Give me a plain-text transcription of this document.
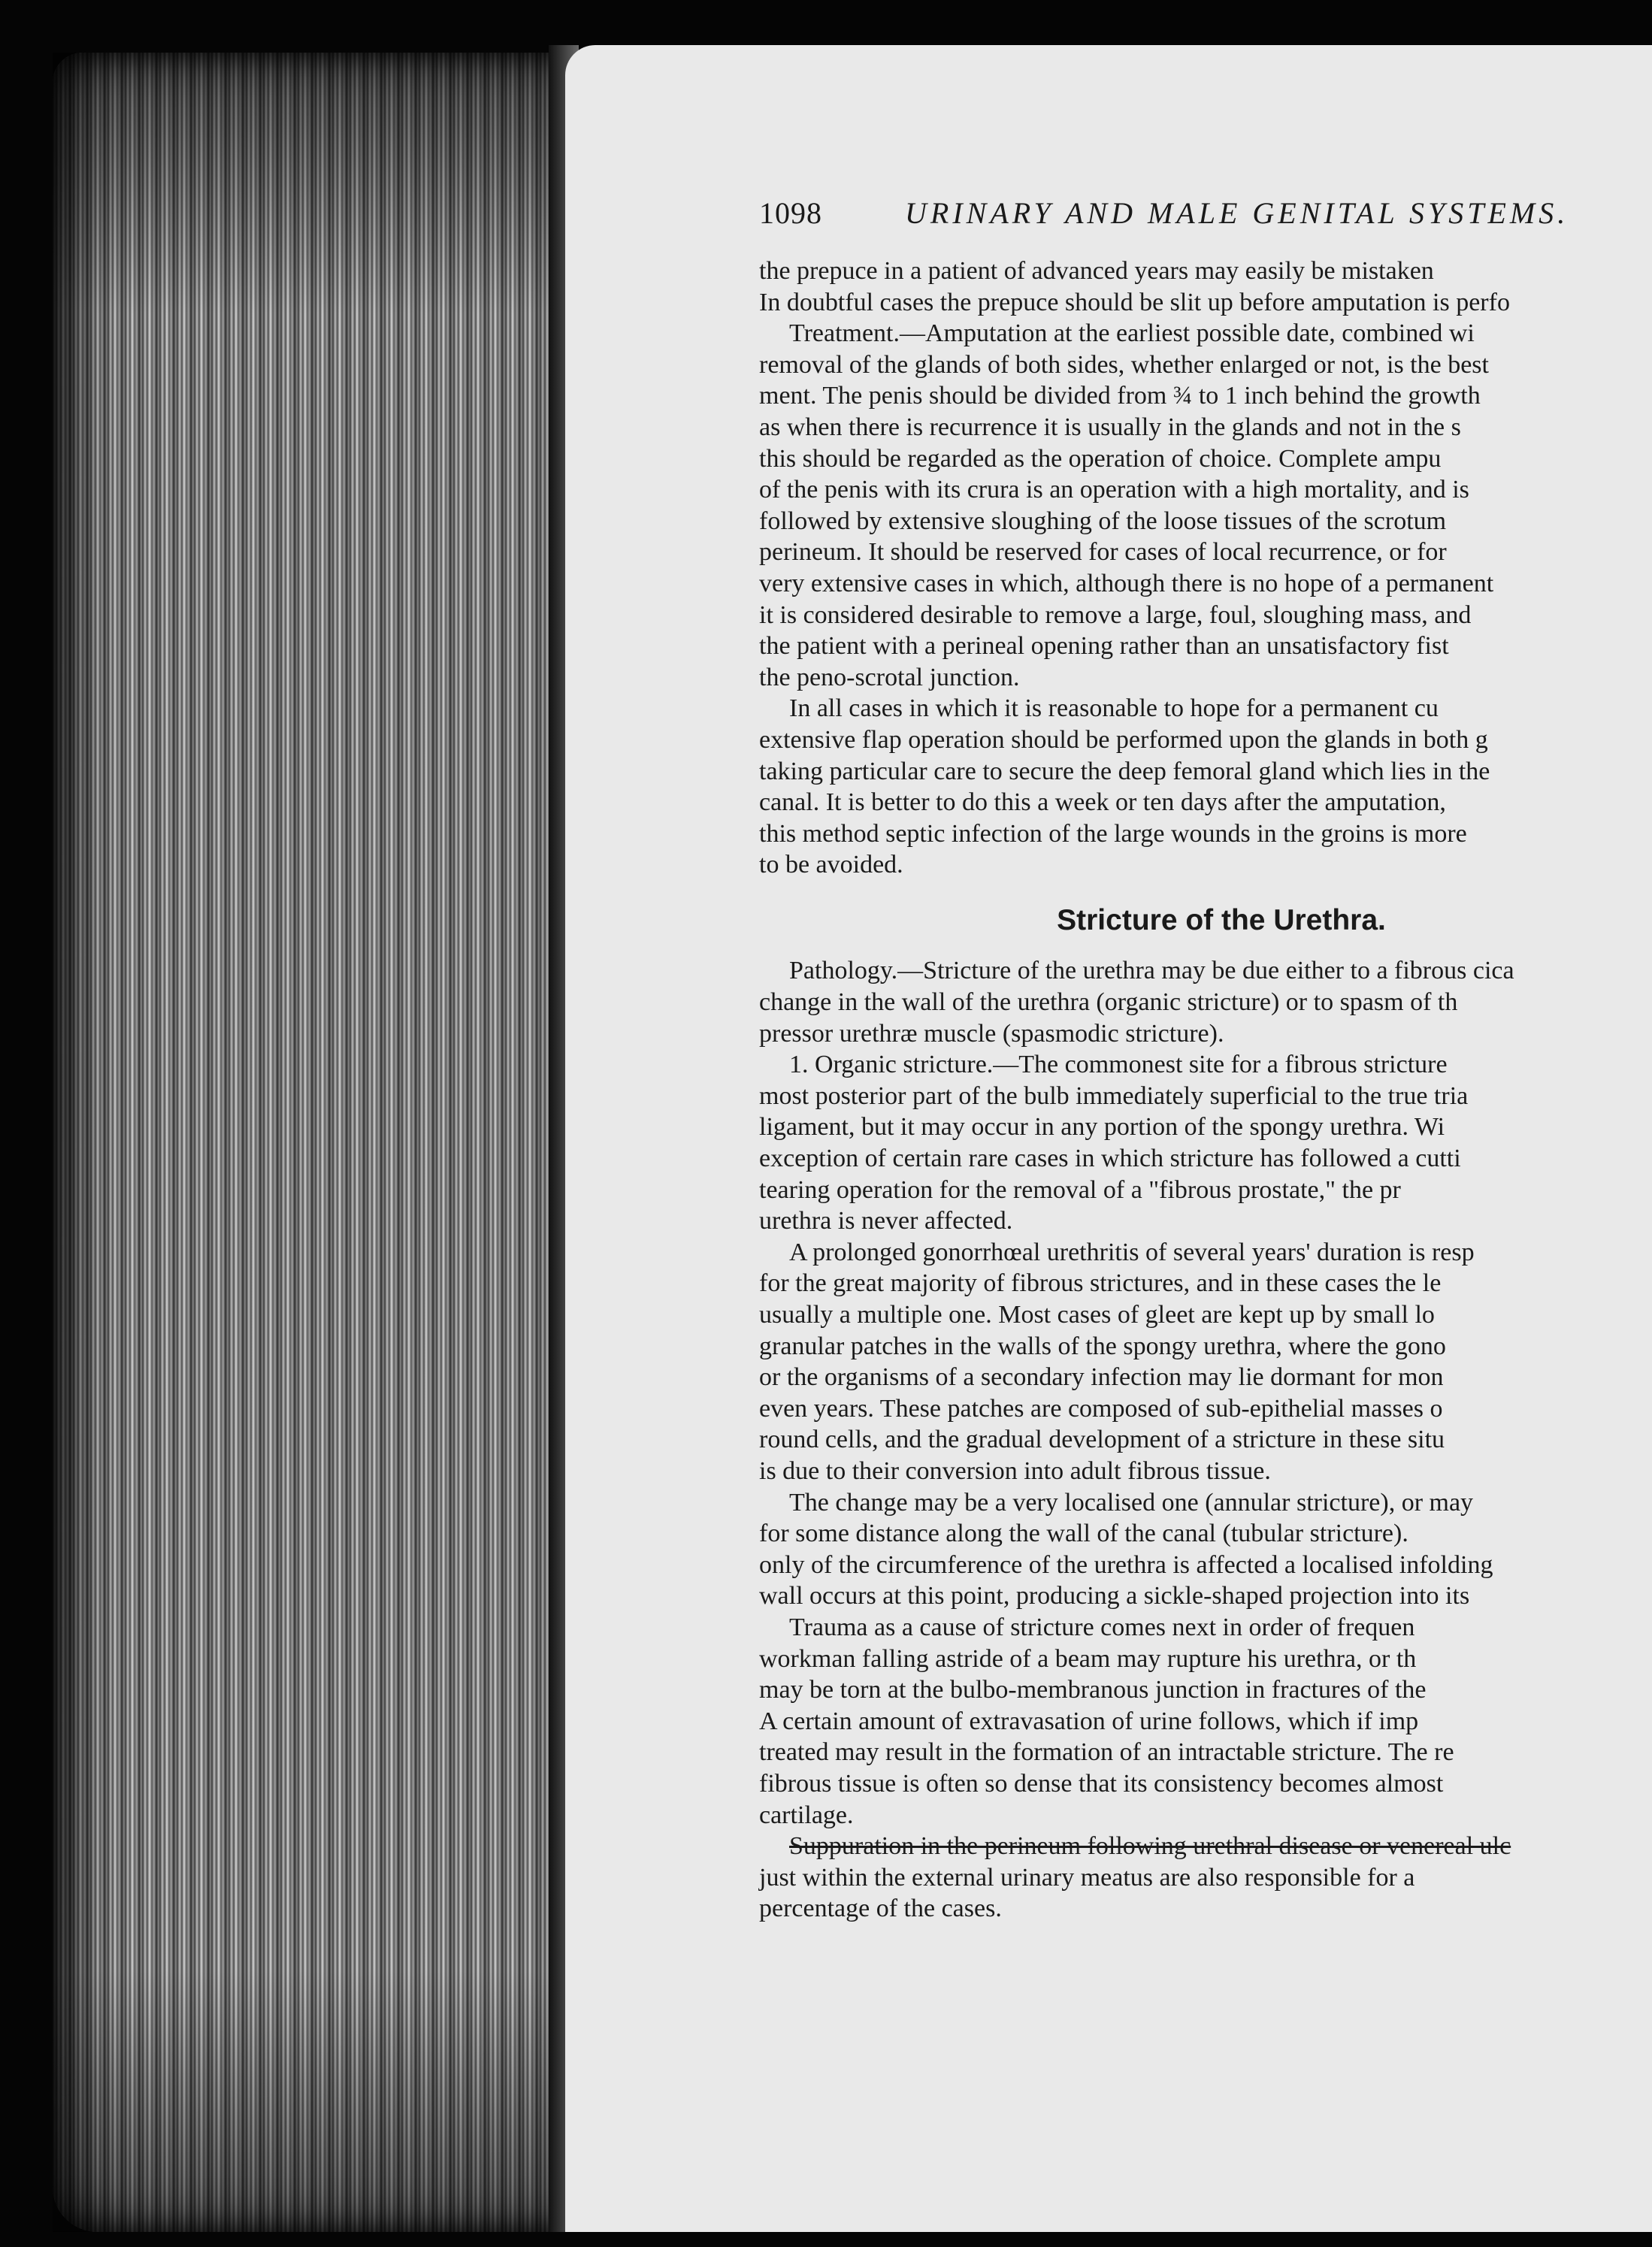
1098	URINARY AND MALE GENITAL SYSTEMS.

the prepuce in a patient of advanced years may easily be mistaken

In doubtful cases the prepuce should be slit up before amputation is perfo

Treatment.—Amputation at the earliest possible date, combined wi

removal of the glands of both sides, whether enlarged or not, is the best

ment. The penis should be divided from ¾ to 1 inch behind the growth

as when there is recurrence it is usually in the glands and not in the s

this should be regarded as the operation of choice. Complete ampu

of the penis with its crura is an operation with a high mortality, and is

followed by extensive sloughing of the loose tissues of the scrotum

perineum. It should be reserved for cases of local recurrence, or for

very extensive cases in which, although there is no hope of a permanent

it is considered desirable to remove a large, foul, sloughing mass, and

the patient with a perineal opening rather than an unsatisfactory fist

the peno-scrotal junction.

In all cases in which it is reasonable to hope for a permanent cu

extensive flap operation should be performed upon the glands in both g

taking particular care to secure the deep femoral gland which lies in the

canal. It is better to do this a week or ten days after the amputation,

this method septic infection of the large wounds in the groins is more

to be avoided.

Stricture of the Urethra.

Pathology.—Stricture of the urethra may be due either to a fibrous cica

change in the wall of the urethra (organic stricture) or to spasm of th

pressor urethræ muscle (spasmodic stricture).

1. Organic stricture.—The commonest site for a fibrous stricture

most posterior part of the bulb immediately superficial to the true tria

ligament, but it may occur in any portion of the spongy urethra. Wi

exception of certain rare cases in which stricture has followed a cutti

tearing operation for the removal of a "fibrous prostate," the pr

urethra is never affected.

A prolonged gonorrhœal urethritis of several years' duration is resp

for the great majority of fibrous strictures, and in these cases the le

usually a multiple one. Most cases of gleet are kept up by small lo

granular patches in the walls of the spongy urethra, where the gono

or the organisms of a secondary infection may lie dormant for mon

even years. These patches are composed of sub-epithelial masses o

round cells, and the gradual development of a stricture in these situ

is due to their conversion into adult fibrous tissue.

The change may be a very localised one (annular stricture), or may

for some distance along the wall of the canal (tubular stricture).

only of the circumference of the urethra is affected a localised infolding

wall occurs at this point, producing a sickle-shaped projection into its

Trauma as a cause of stricture comes next in order of frequen

workman falling astride of a beam may rupture his urethra, or th

may be torn at the bulbo-membranous junction in fractures of the

A certain amount of extravasation of urine follows, which if imp

treated may result in the formation of an intractable stricture. The re

fibrous tissue is often so dense that its consistency becomes almost

cartilage.

Suppuration in the perineum following urethral disease or venereal ulc

just within the external urinary meatus are also responsible for a

percentage of the cases.
